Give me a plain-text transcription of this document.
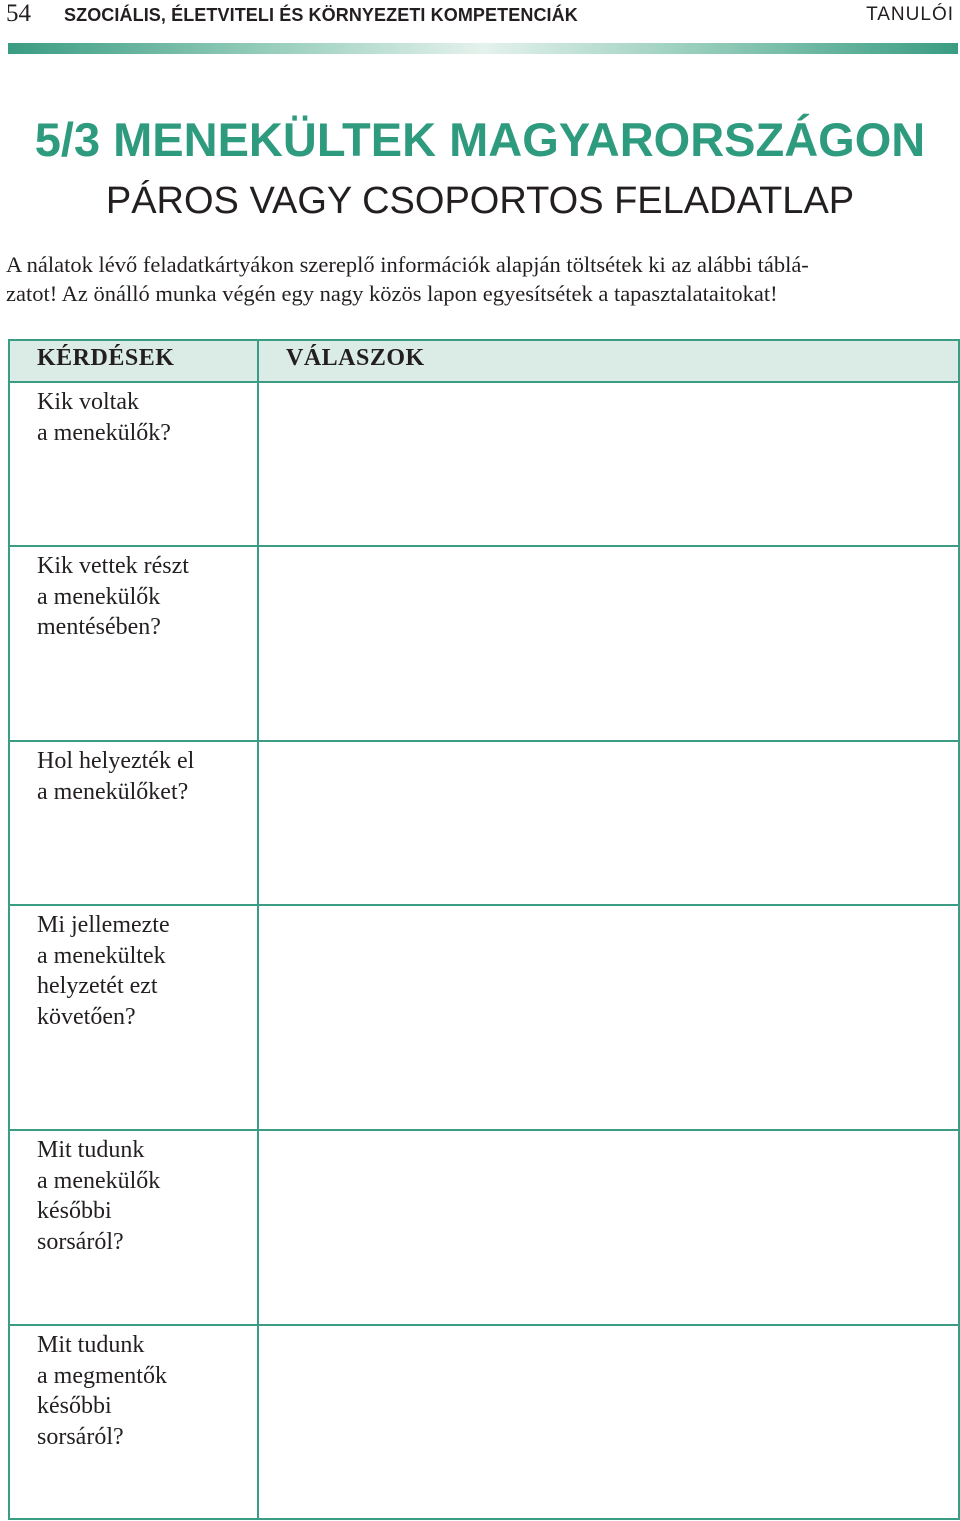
54 SZOCIÁLIS, ÉLETVITELI ÉS KÖRNYEZETI KOMPETENCIÁK	TANULÓI
5/3 MENEKÜLTEK MAGYARORSZÁGON
PÁROS VAGY CSOPORTOS FELADATLAP

A nálatok lévő feladatkártyákon szereplő információk alapján töltsétek ki az alábbi táblá-

zatot! Az önálló munka végén egy nagy közös lapon egyesítsétek a tapasztalataitokat!

KÉRDÉSEK	VÁLASZOK

Kik voltak
a menekülők?	

Kik vettek részt
a menekülők
mentésében?	

Hol helyezték el
a menekülőket?	

Mi jellemezte
a menekültek
helyzetét ezt
követően?	

Mit tudunk
a menekülők
későbbi
sorsáról?	

Mit tudunk
a megmentők
későbbi
sorsáról?	
